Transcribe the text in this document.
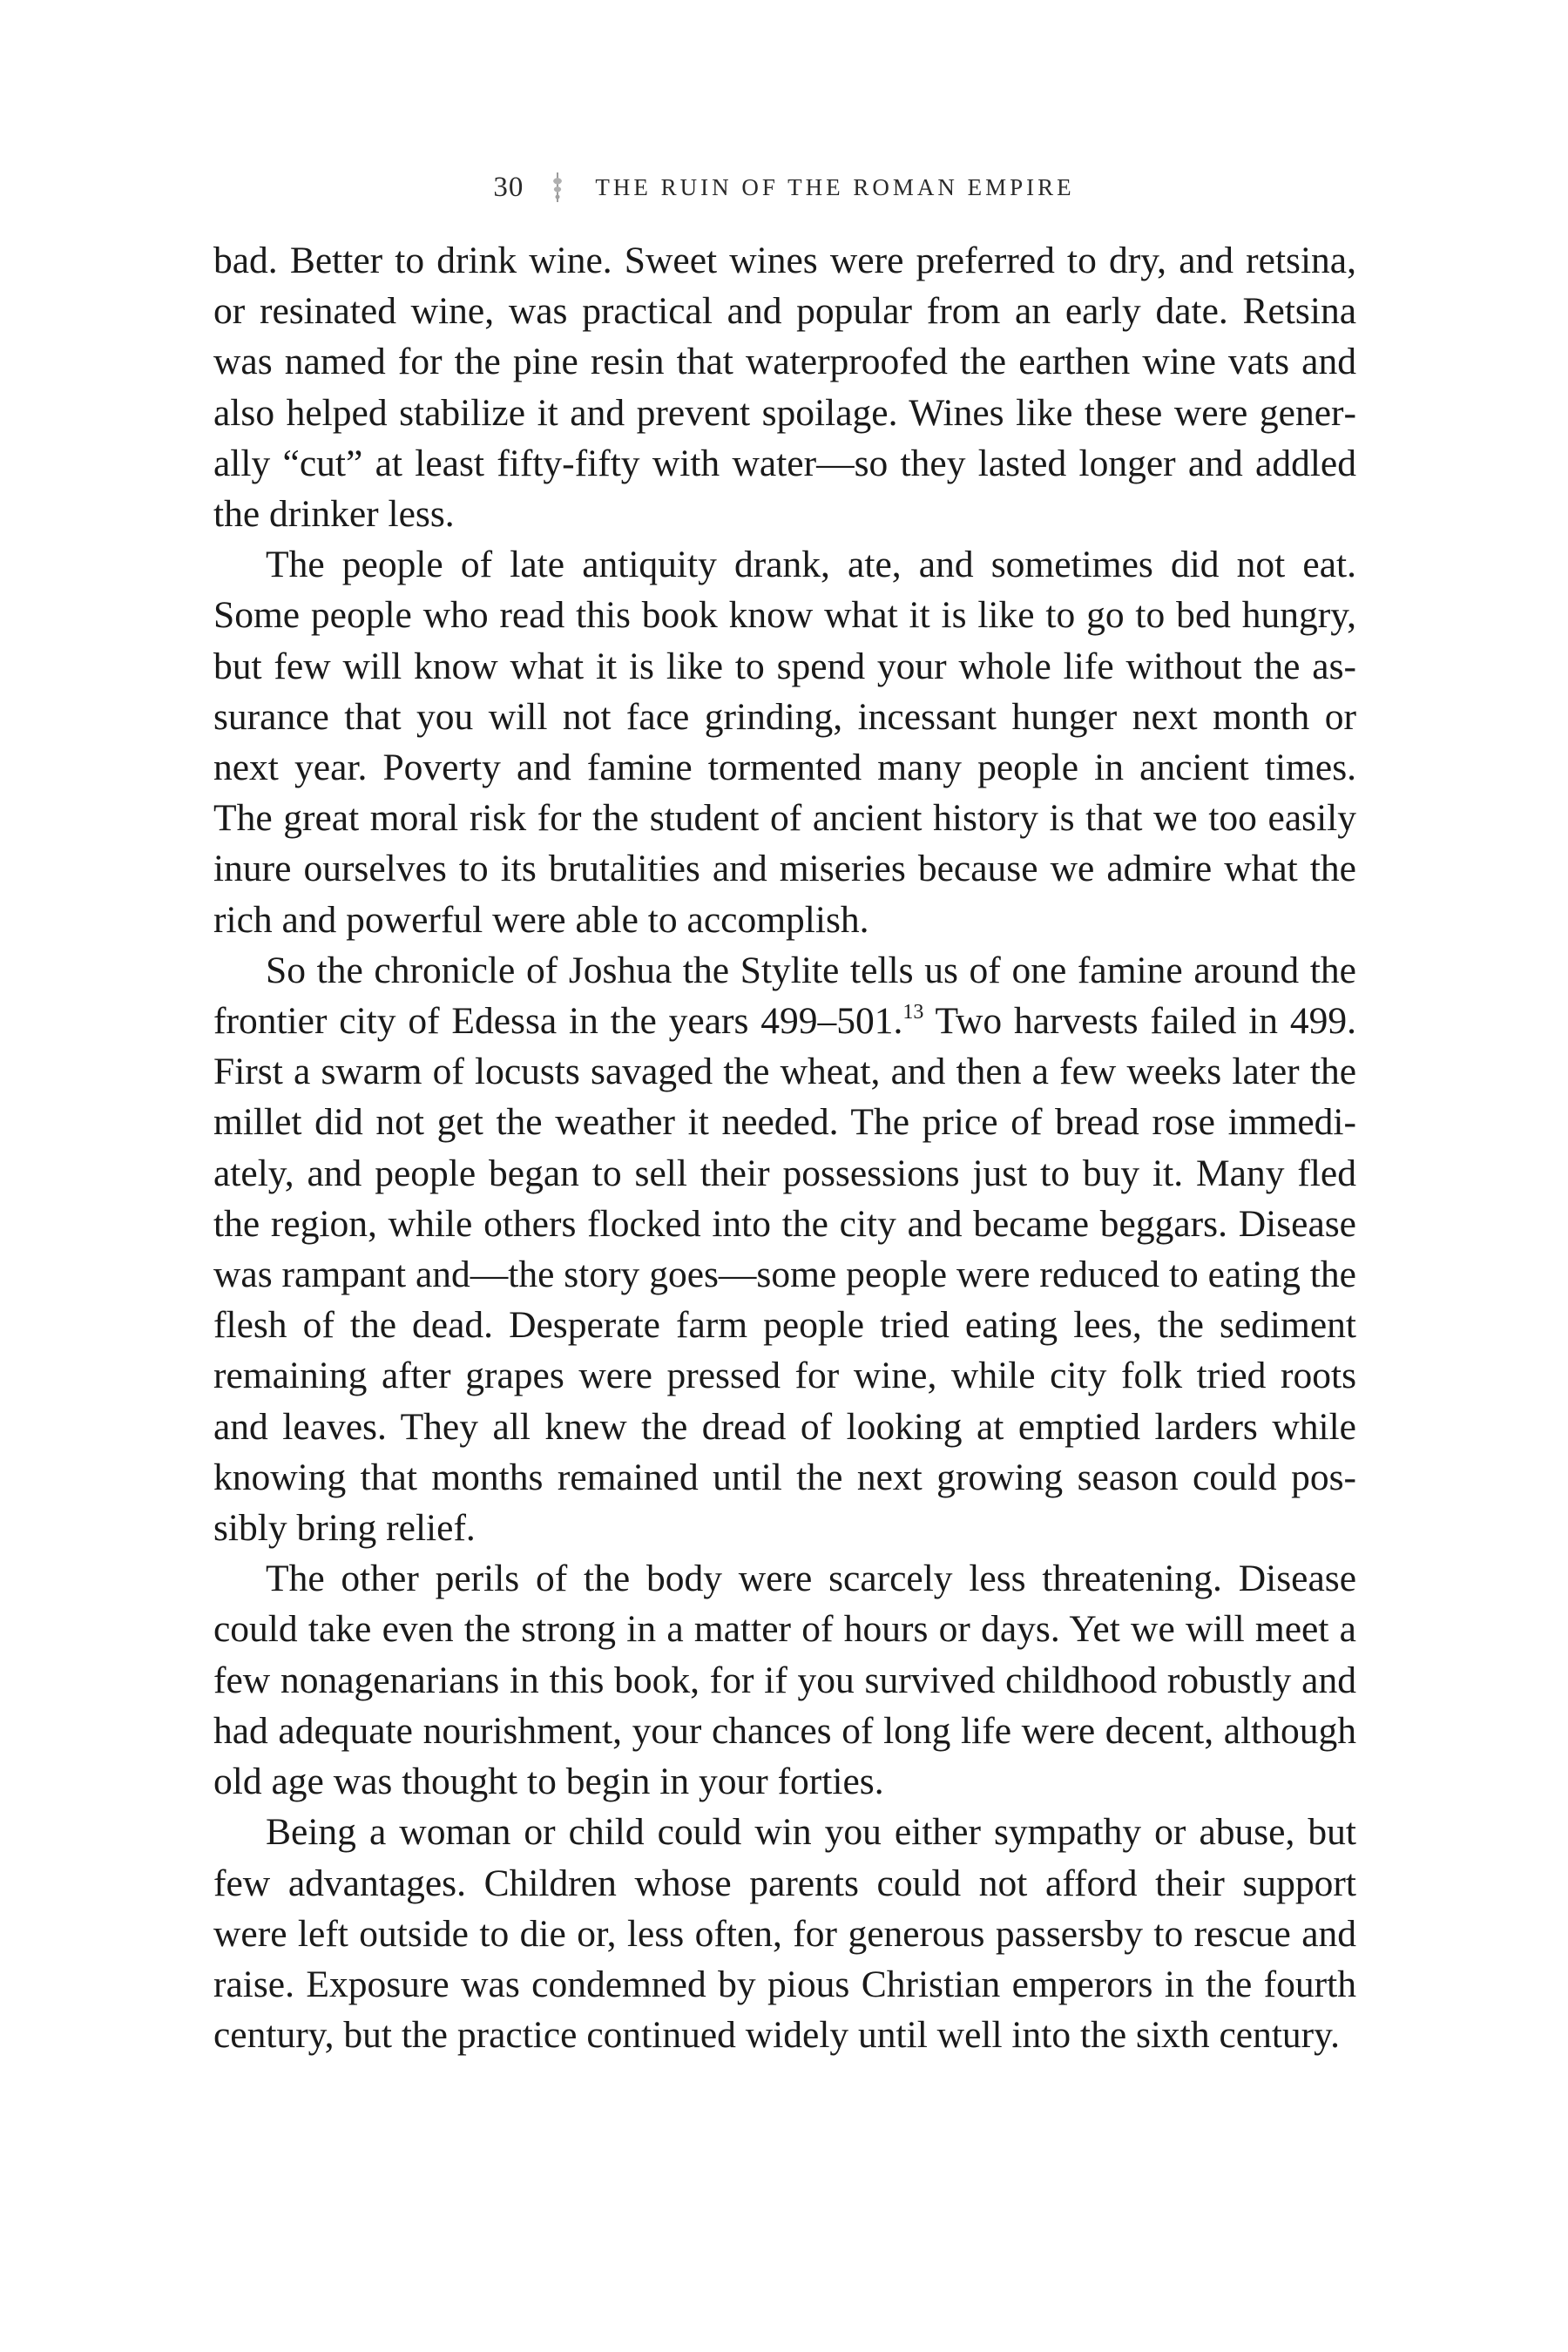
30	THE RUIN OF THE ROMAN EMPIRE

bad. Better to drink wine. Sweet wines were preferred to dry, and retsina, or resinated wine, was practical and popular from an early date. Retsina was named for the pine resin that waterproofed the earthen wine vats and also helped stabilize it and prevent spoilage. Wines like these were generally “cut” at least fifty-fifty with water—so they lasted longer and addled the drinker less.

The people of late antiquity drank, ate, and sometimes did not eat. Some people who read this book know what it is like to go to bed hungry, but few will know what it is like to spend your whole life without the assurance that you will not face grinding, incessant hunger next month or next year. Poverty and famine tormented many people in ancient times. The great moral risk for the student of ancient history is that we too easily inure ourselves to its brutalities and miseries because we admire what the rich and powerful were able to accomplish.

So the chronicle of Joshua the Stylite tells us of one famine around the frontier city of Edessa in the years 499–501.13 Two harvests failed in 499. First a swarm of locusts savaged the wheat, and then a few weeks later the millet did not get the weather it needed. The price of bread rose immediately, and people began to sell their possessions just to buy it. Many fled the region, while others flocked into the city and became beggars. Disease was rampant and—the story goes—some people were reduced to eating the flesh of the dead. Desperate farm people tried eating lees, the sediment remaining after grapes were pressed for wine, while city folk tried roots and leaves. They all knew the dread of looking at emptied larders while knowing that months remained until the next growing season could possibly bring relief.

The other perils of the body were scarcely less threatening. Disease could take even the strong in a matter of hours or days. Yet we will meet a few nonagenarians in this book, for if you survived childhood robustly and had adequate nourishment, your chances of long life were decent, although old age was thought to begin in your forties.

Being a woman or child could win you either sympathy or abuse, but few advantages. Children whose parents could not afford their support were left outside to die or, less often, for generous passersby to rescue and raise. Exposure was condemned by pious Christian emperors in the fourth century, but the practice continued widely until well into the sixth century.
